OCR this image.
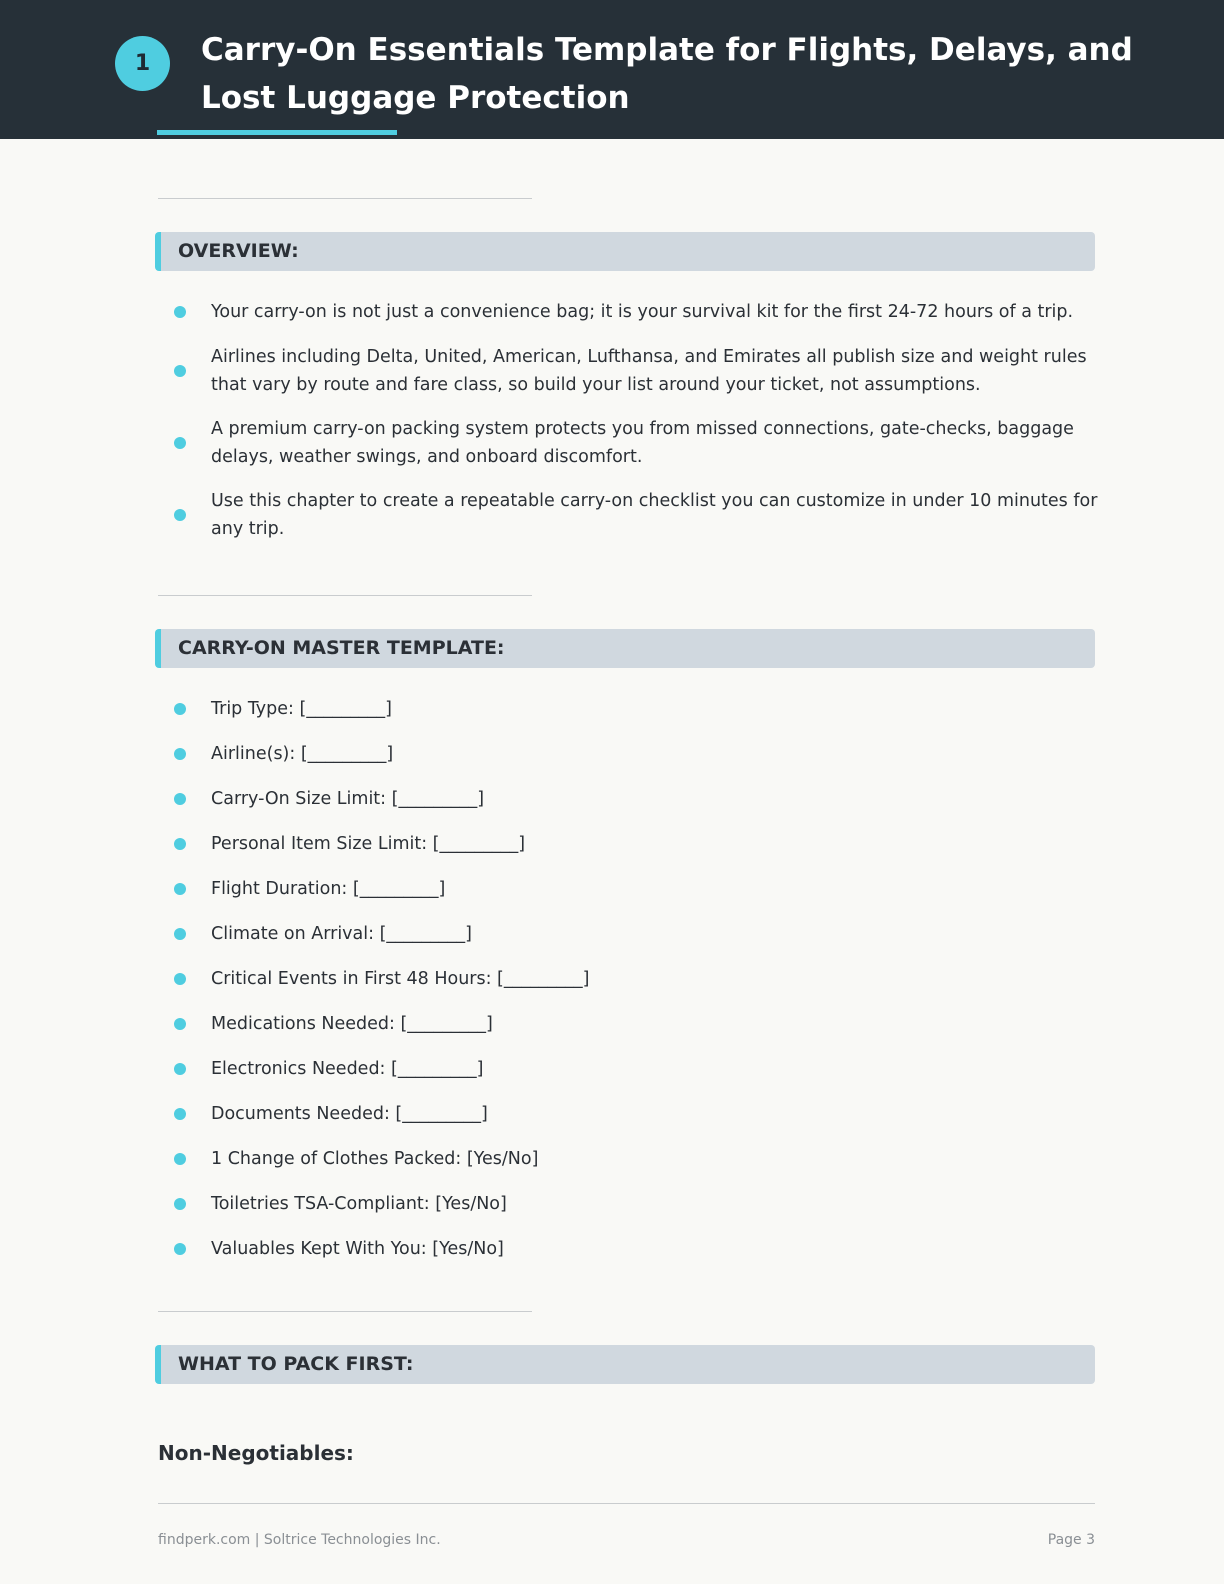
1	Carry-On Essentials Template for Flights, Delays, and Lost Luggage Protection
OVERVIEW:
Your carry-on is not just a convenience bag; it is your survival kit for the first 24-72 hours of a trip.
Airlines including Delta, United, American, Lufthansa, and Emirates all publish size and weight rules that vary by route and fare class, so build your list around your ticket, not assumptions.
A premium carry-on packing system protects you from missed connections, gate-checks, baggage delays, weather swings, and onboard discomfort.
Use this chapter to create a repeatable carry-on checklist you can customize in under 10 minutes for any trip.
CARRY-ON MASTER TEMPLATE:
Trip Type: [_________]
Airline(s): [_________]
Carry-On Size Limit: [_________]
Personal Item Size Limit: [_________]
Flight Duration: [_________]
Climate on Arrival: [_________]
Critical Events in First 48 Hours: [_________]
Medications Needed: [_________]
Electronics Needed: [_________]
Documents Needed: [_________]
1 Change of Clothes Packed: [Yes/No]
Toiletries TSA-Compliant: [Yes/No]
Valuables Kept With You: [Yes/No]
WHAT TO PACK FIRST:
Non-Negotiables:
findperk.com | Soltrice Technologies Inc.	Page 3
